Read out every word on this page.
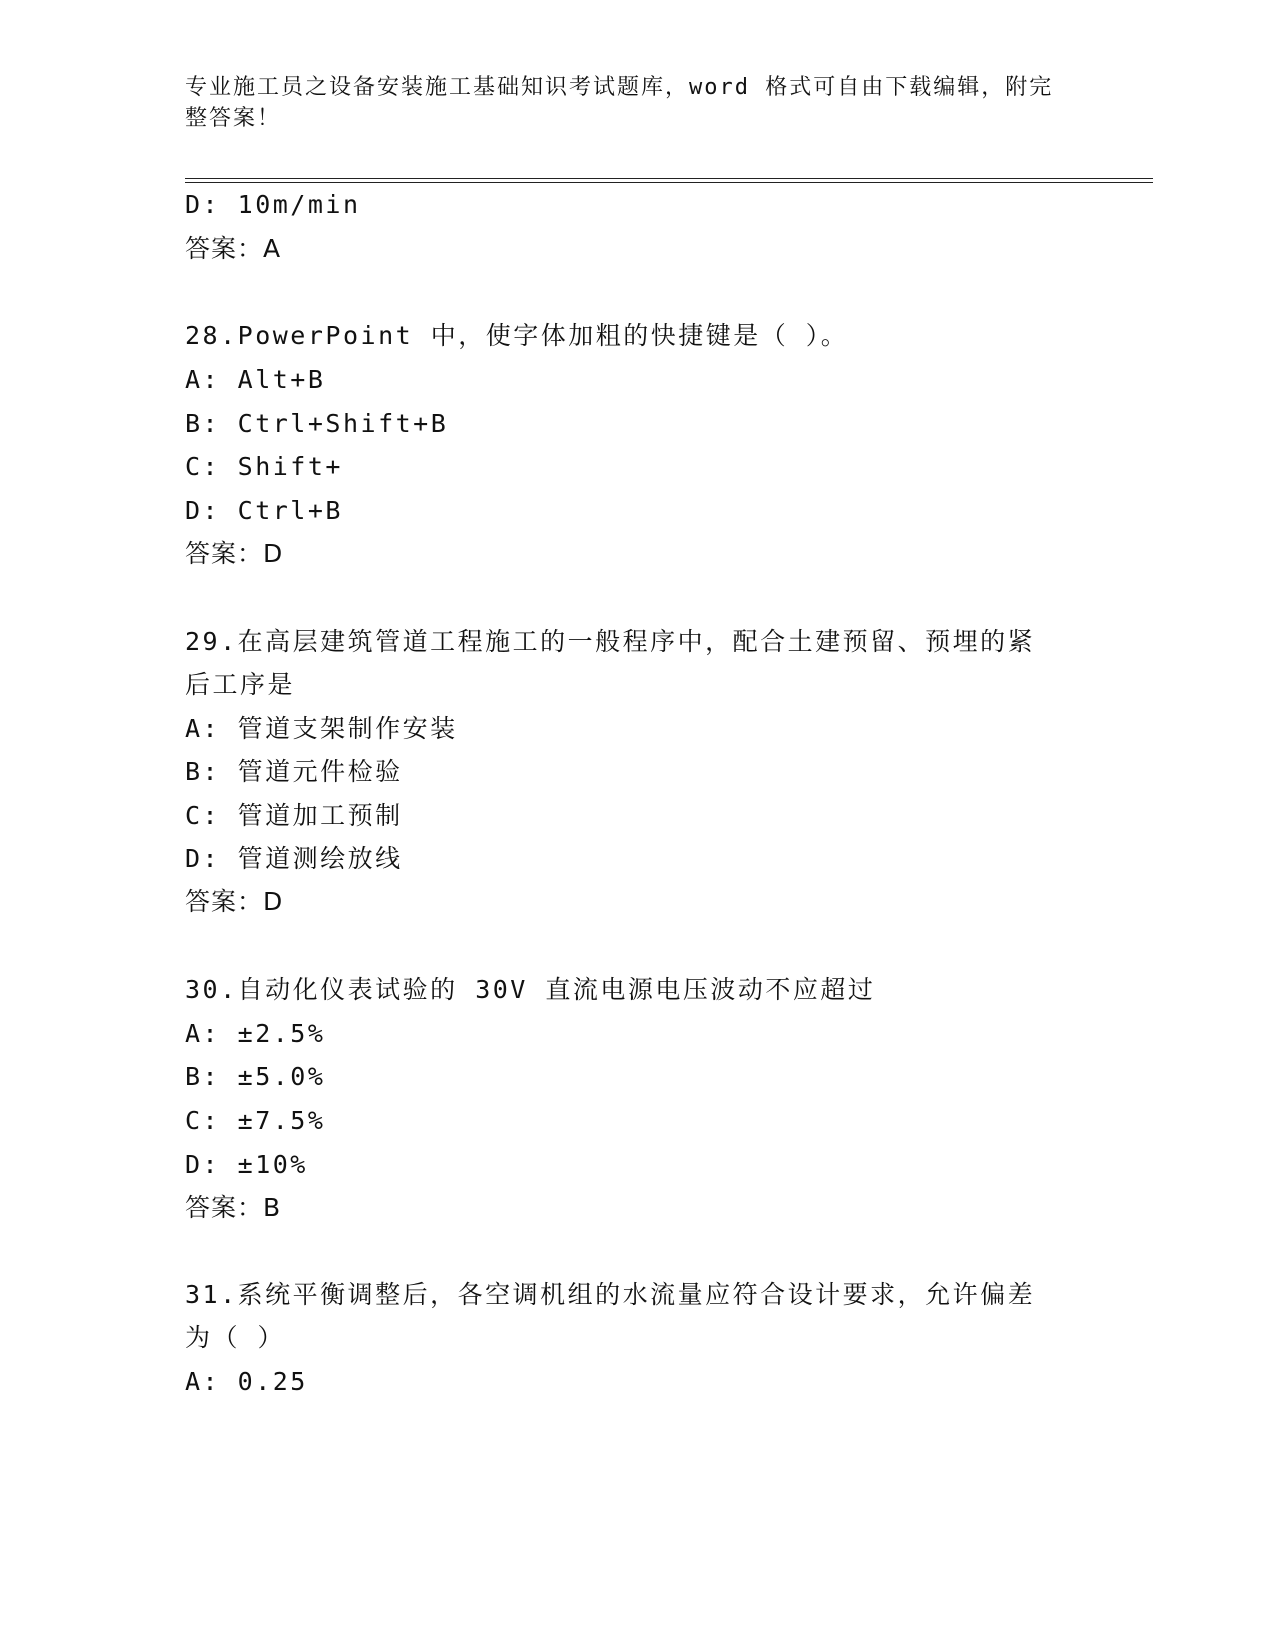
专业施工员之设备安装施工基础知识考试题库，word 格式可自由下载编辑，附完
整答案！
D: 10m/min
答案：A
28.PowerPoint 中，使字体加粗的快捷键是（ ）。
A: Alt+B
B: Ctrl+Shift+B
C: Shift+
D: Ctrl+B
答案：D
29.在高层建筑管道工程施工的一般程序中，配合土建预留、预埋的紧
后工序是
A: 管道支架制作安装
B: 管道元件检验
C: 管道加工预制
D: 管道测绘放线
答案：D
30.自动化仪表试验的 30V 直流电源电压波动不应超过
A: ±2.5%
B: ±5.0%
C: ±7.5%
D: ±10%
答案：B
31.系统平衡调整后，各空调机组的水流量应符合设计要求，允许偏差
为（ ）
A: 0.25
